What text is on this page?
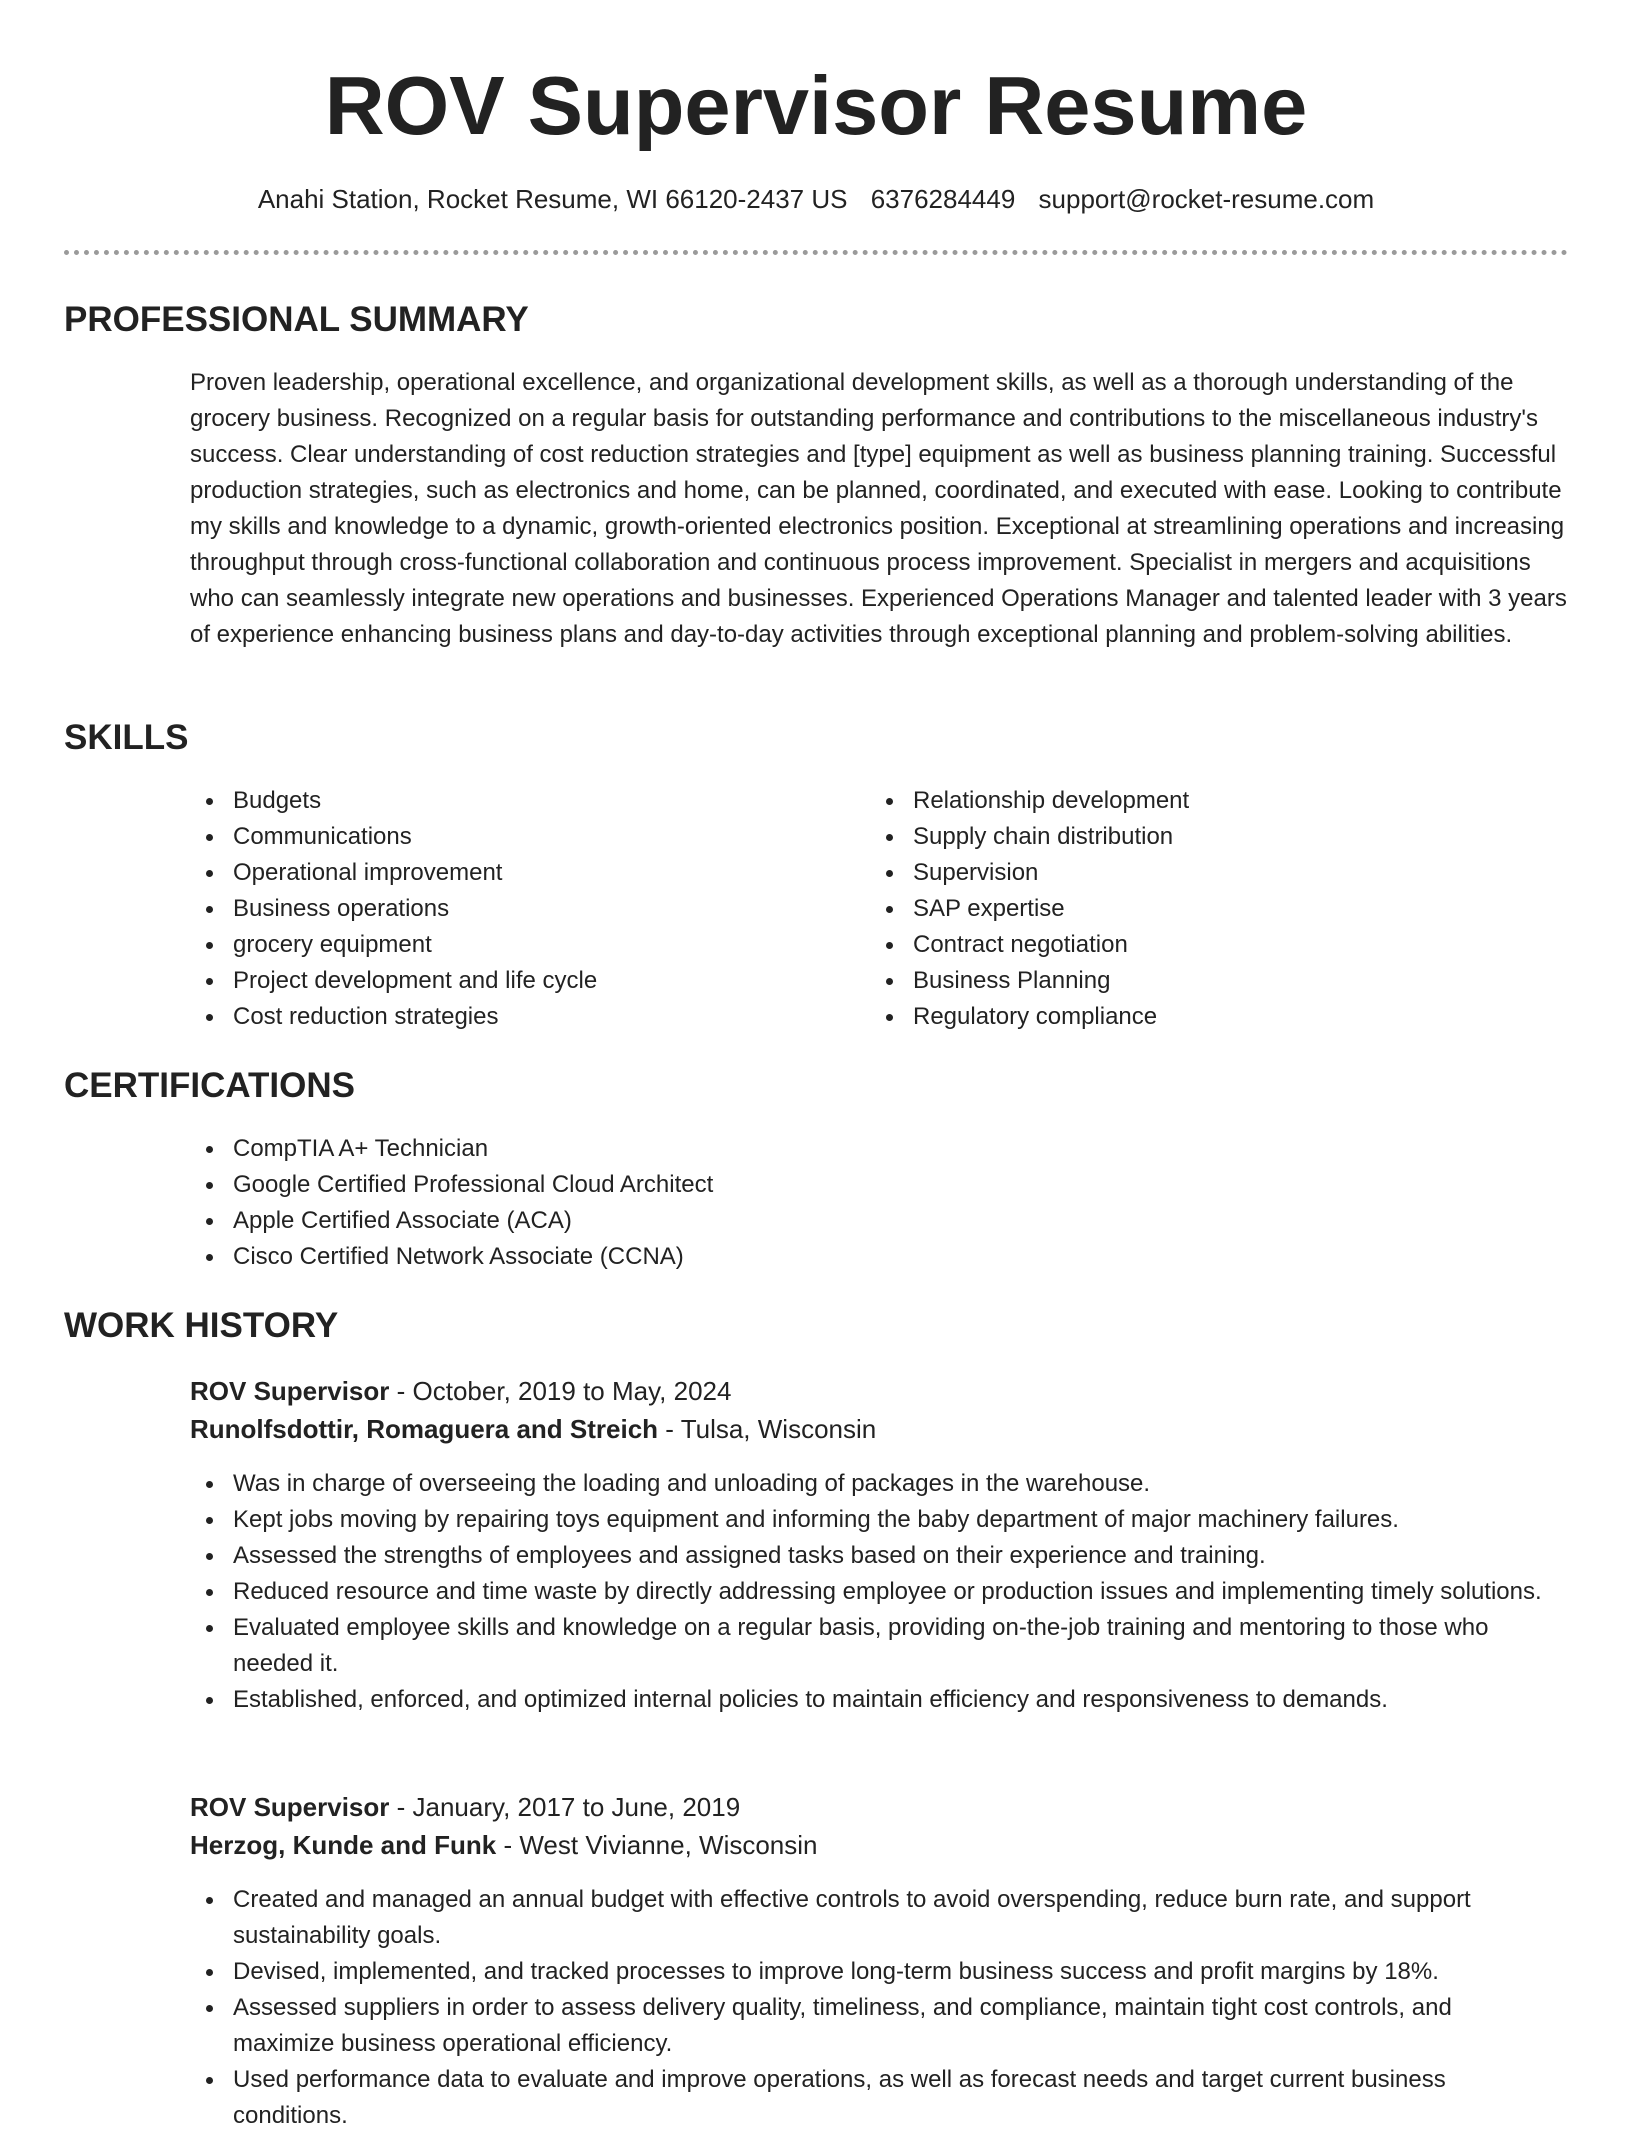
ROV Supervisor Resume
Anahi Station, Rocket Resume, WI 66120-2437 US 6376284449 support@rocket-resume.com
PROFESSIONAL SUMMARY

Proven leadership, operational excellence, and organizational development skills, as well as a thorough understanding of the grocery business. Recognized on a regular basis for outstanding performance and contributions to the miscellaneous industry's success. Clear understanding of cost reduction strategies and [type] equipment as well as business planning training. Successful production strategies, such as electronics and home, can be planned, coordinated, and executed with ease. Looking to contribute my skills and knowledge to a dynamic, growth-oriented electronics position. Exceptional at streamlining operations and increasing throughput through cross-functional collaboration and continuous process improvement. Specialist in mergers and acquisitions who can seamlessly integrate new operations and businesses. Experienced Operations Manager and talented leader with 3 years of experience enhancing business plans and day-to-day activities through exceptional planning and problem-solving abilities.

SKILLS
Budgets
Communications
Operational improvement
Business operations
grocery equipment
Project development and life cycle
Cost reduction strategies
Relationship development
Supply chain distribution
Supervision
SAP expertise
Contract negotiation
Business Planning
Regulatory compliance
CERTIFICATIONS
CompTIA A+ Technician
Google Certified Professional Cloud Architect
Apple Certified Associate (ACA)
Cisco Certified Network Associate (CCNA)
WORK HISTORY
ROV Supervisor - October, 2019 to May, 2024
Runolfsdottir, Romaguera and Streich - Tulsa, Wisconsin
Was in charge of overseeing the loading and unloading of packages in the warehouse.
Kept jobs moving by repairing toys equipment and informing the baby department of major machinery failures.
Assessed the strengths of employees and assigned tasks based on their experience and training.
Reduced resource and time waste by directly addressing employee or production issues and implementing timely solutions.
Evaluated employee skills and knowledge on a regular basis, providing on-the-job training and mentoring to those who needed it.
Established, enforced, and optimized internal policies to maintain efficiency and responsiveness to demands.
ROV Supervisor - January, 2017 to June, 2019
Herzog, Kunde and Funk - West Vivianne, Wisconsin
Created and managed an annual budget with effective controls to avoid overspending, reduce burn rate, and support sustainability goals.
Devised, implemented, and tracked processes to improve long-term business success and profit margins by 18%.
Assessed suppliers in order to assess delivery quality, timeliness, and compliance, maintain tight cost controls, and maximize business operational efficiency.
Used performance data to evaluate and improve operations, as well as forecast needs and target current business conditions.
